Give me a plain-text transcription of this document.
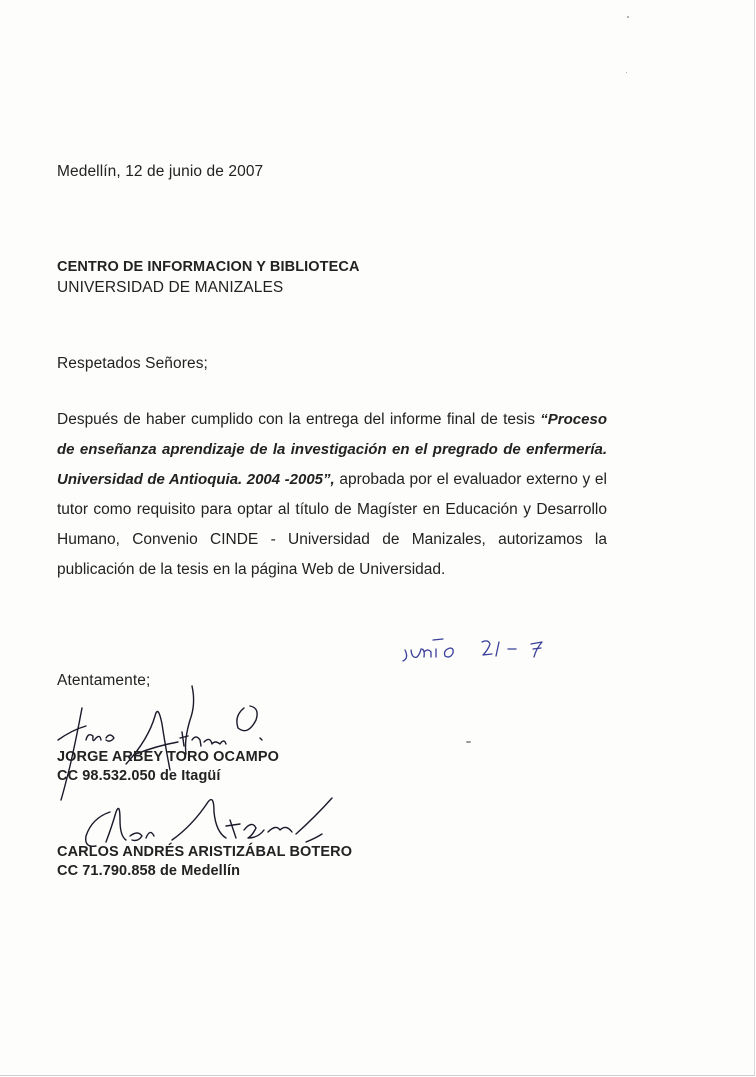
Medellín, 12 de junio de 2007

CENTRO DE INFORMACION Y BIBLIOTECA

UNIVERSIDAD DE MANIZALES

Respetados Señores;

Después de haber cumplido con la entrega del informe final de tesis “Proceso de enseñanza aprendizaje de la investigación en el pregrado de enfermería. Universidad de Antioquia. 2004 -2005”, aprobada por el evaluador externo y el tutor como requisito para optar al título de Magíster en Educación y Desarrollo Humano, Convenio CINDE - Universidad de Manizales, autorizamos la publicación de la tesis en la página Web de Universidad.

Atentamente;

JORGE ARBEY TORO OCAMPO

CC 98.532.050 de Itagüí

CARLOS ANDRÉS ARISTIZÁBAL BOTERO

CC 71.790.858 de Medellín
